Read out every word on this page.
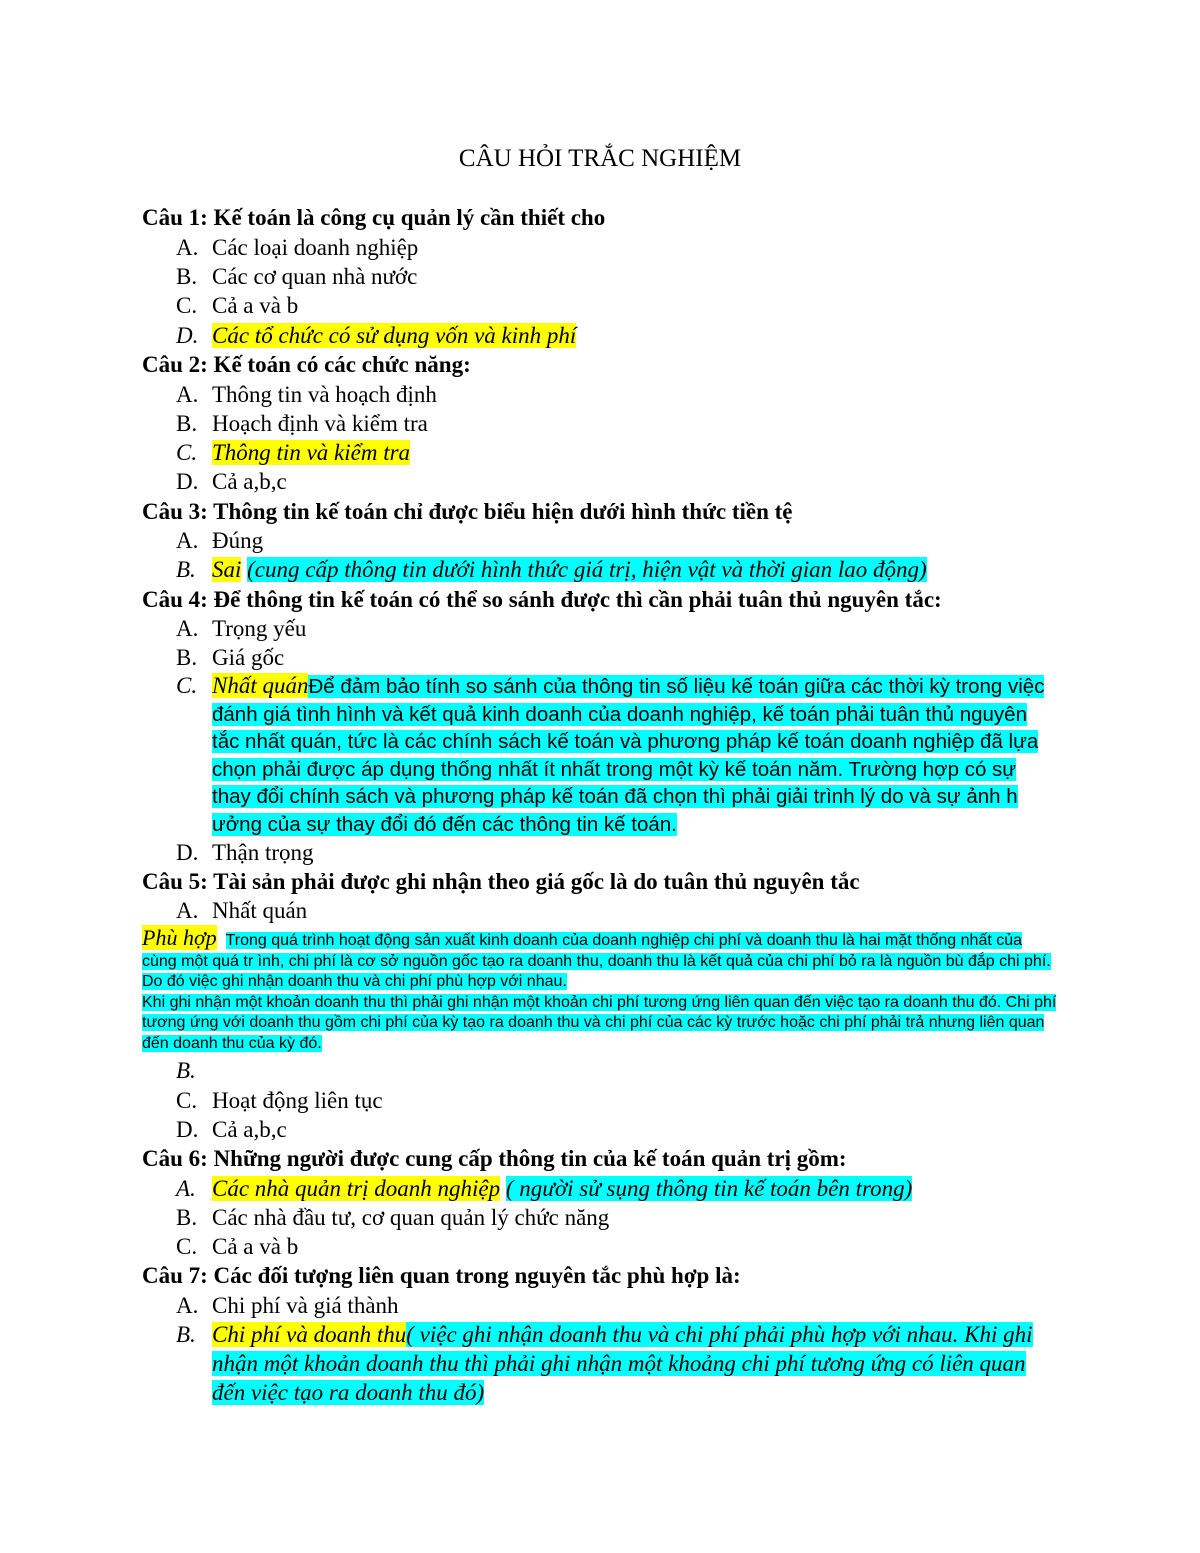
CÂU HỎI TRẮC NGHIỆM
Câu 1: Kế toán là công cụ quản lý cần thiết cho
A. Các loại doanh nghiệp
B. Các cơ quan nhà nước
C. Cả a và b
D. Các tổ chức có sử dụng vốn và kinh phí
Câu 2: Kế toán có các chức năng:
A. Thông tin và hoạch định
B. Hoạch định và kiểm tra
C. Thông tin và kiểm tra
D. Cả a,b,c
Câu 3: Thông tin kế toán chỉ được biểu hiện dưới hình thức tiền tệ
A. Đúng
B. Sai (cung cấp thông tin dưới hình thức giá trị, hiện vật và thời gian lao động)
Câu 4: Để thông tin kế toán có thể so sánh được thì cần phải tuân thủ nguyên tắc:
A. Trọng yếu
B. Giá gốc
C. Nhất quánĐể đảm bảo tính so sánh của thông tin số liệu kế toán giữa các thời kỳ trong việc đánh giá tình hình và kết quả kinh doanh của doanh nghiệp, kế toán phải tuân thủ nguyên tắc nhất quán, tức là các chính sách kế toán và phương pháp kế toán doanh nghiệp đã lựa chọn phải được áp dụng thống nhất ít nhất trong một kỳ kế toán năm. Trường hợp có sự thay đổi chính sách và phương pháp kế toán đã chọn thì phải giải trình lý do và sự ảnh h ưởng của sự thay đổi đó đến các thông tin kế toán.
D. Thận trọng
Câu 5: Tài sản phải được ghi nhận theo giá gốc là do tuân thủ nguyên tắc
A. Nhất quán

Phù hợp Trong quá trình hoạt động sản xuất kinh doanh của doanh nghiệp chi phí và doanh thu là hai mặt thống nhất của cùng một quá tr ình, chi phí là cơ sở nguồn gốc tạo ra doanh thu, doanh thu là kết quả của chi phí bỏ ra là nguồn bù đắp chi phí. Do đó việc ghi nhận doanh thu và chi phí phù hợp với nhau.

Khi ghi nhận một khoản doanh thu thì phải ghi nhận một khoản chi phí tương ứng liên quan đến việc tạo ra doanh thu đó. Chi phí tương ứng với doanh thu gồm chi phí của kỳ tạo ra doanh thu và chi phí của các kỳ trước hoặc chi phí phải trả nhưng liên quan đến doanh thu của kỳ đó.

B.
C. Hoạt động liên tục
D. Cả a,b,c
Câu 6: Những người được cung cấp thông tin của kế toán quản trị gồm:
A. Các nhà quản trị doanh nghiệp ( người sử sụng thông tin kế toán bên trong)
B. Các nhà đầu tư, cơ quan quản lý chức năng
C. Cả a và b
Câu 7: Các đối tượng liên quan trong nguyên tắc phù hợp là:
A. Chi phí và giá thành
B. Chi phí và doanh thu( việc ghi nhận doanh thu và chi phí phải phù hợp với nhau. Khi ghi nhận một khoản doanh thu thì phải ghi nhận một khoảng chi phí tương ứng có liên quan đến việc tạo ra doanh thu đó)
